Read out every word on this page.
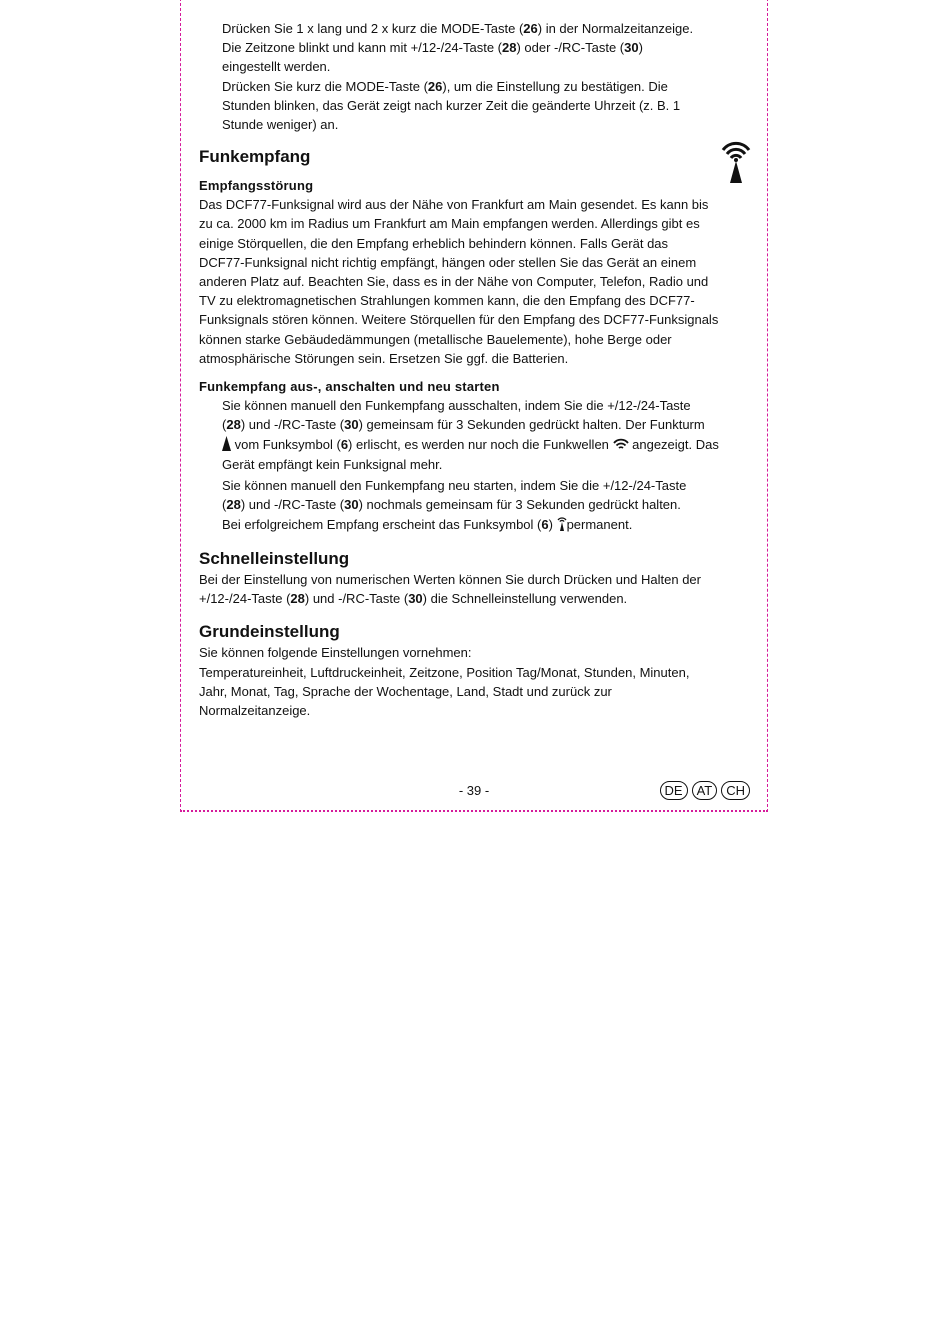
Drücken Sie 1 x lang und 2 x kurz die MODE-Taste (26) in der Normalzeitanzeige.

Die Zeitzone blinkt und kann mit +/12-/24-Taste (28) oder -/RC-Taste (30)

eingestellt werden.

Drücken Sie kurz die MODE-Taste (26), um die Einstellung zu bestätigen. Die

Stunden blinken, das Gerät zeigt nach kurzer Zeit die geänderte Uhrzeit (z. B. 1

Stunde weniger) an.

Funkempfang
Empfangsstörung

Das DCF77-Funksignal wird aus der Nähe von Frankfurt am Main gesendet. Es kann bis

zu ca. 2000 km im Radius um Frankfurt am Main empfangen werden. Allerdings gibt es

einige Störquellen, die den Empfang erheblich behindern können. Falls Gerät das

DCF77-Funksignal nicht richtig empfängt, hängen oder stellen Sie das Gerät an einem

anderen Platz auf. Beachten Sie, dass es in der Nähe von Computer, Telefon, Radio und

TV zu elektromagnetischen Strahlungen kommen kann, die den Empfang des DCF77-

Funksignals stören können. Weitere Störquellen für den Empfang des DCF77-Funksignals

können starke Gebäudedämmungen (metallische Bauelemente), hohe Berge oder

atmosphärische Störungen sein. Ersetzen Sie ggf. die Batterien.

Funkempfang aus-, anschalten und neu starten

Sie können manuell den Funkempfang ausschalten, indem Sie die +/12-/24-Taste

(28) und -/RC-Taste (30) gemeinsam für 3 Sekunden gedrückt halten. Der Funkturm

vom Funksymbol (6) erlischt, es werden nur noch die Funkwellen  angezeigt. Das

Gerät empfängt kein Funksignal mehr.

Sie können manuell den Funkempfang neu starten, indem Sie die +/12-/24-Taste

(28) und -/RC-Taste (30) nochmals gemeinsam für 3 Sekunden gedrückt halten.

Bei erfolgreichem Empfang erscheint das Funksymbol (6) permanent.

Schnelleinstellung

Bei der Einstellung von numerischen Werten können Sie durch Drücken und Halten der

+/12-/24-Taste (28) und -/RC-Taste (30) die Schnelleinstellung verwenden.

Grundeinstellung

Sie können folgende Einstellungen vornehmen:

Temperatureinheit, Luftdruckeinheit, Zeitzone, Position Tag/Monat, Stunden, Minuten,

Jahr, Monat, Tag, Sprache der Wochentage, Land, Stadt und zurück zur

Normalzeitanzeige.

- 39 -	DE	AT	CH
